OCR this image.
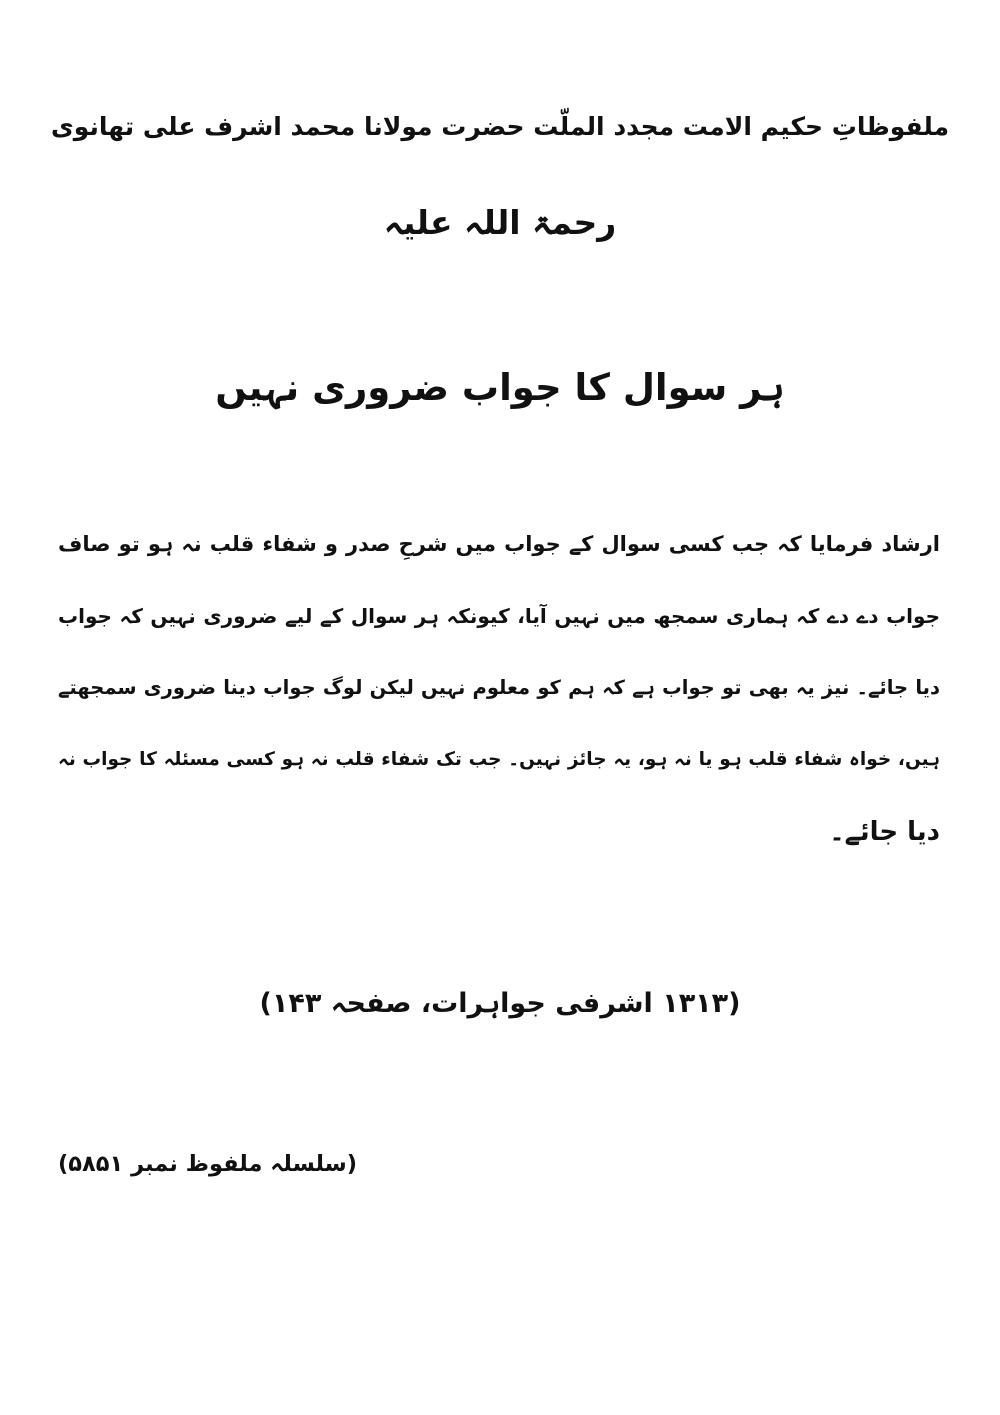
ملفوظاتِ حکیم الامت مجدد الملّت حضرت مولانا محمد اشرف علی تھانوی
رحمۃ اللہ علیہ
ہر سوال کا جواب ضروری نہیں
ارشاد فرمایا کہ جب کسی سوال کے جواب میں شرحِ صدر و شفاء قلب نہ ہو تو صاف
جواب دے دے کہ ہماری سمجھ میں نہیں آیا، کیونکہ ہر سوال کے لیے ضروری نہیں کہ جواب
دیا جائے۔ نیز یہ بھی تو جواب ہے کہ ہم کو معلوم نہیں لیکن لوگ جواب دینا ضروری سمجھتے
ہیں، خواہ شفاء قلب ہو یا نہ ہو، یہ جائز نہیں۔ جب تک شفاء قلب نہ ہو کسی مسئلہ کا جواب نہ
دیا جائے۔
(۱۳۱۳ اشرفی جواہرات، صفحہ ۱۴۳)
(سلسلہ ملفوظ نمبر ۵۸۵۱)
